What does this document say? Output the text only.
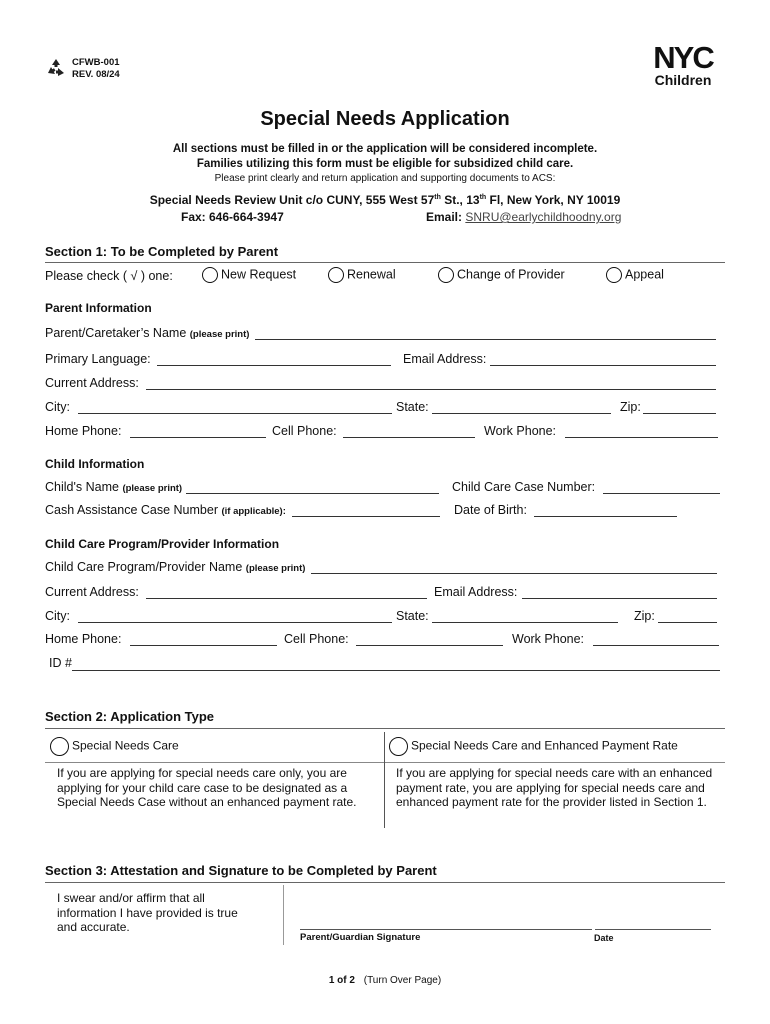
CFWB-001
REV. 08/24	NYC
Children
Special Needs Application
All sections must be filled in or the application will be considered incomplete.
Families utilizing this form must be eligible for subsidized child care.
Please print clearly and return application and supporting documents to ACS:
Special Needs Review Unit c/o CUNY, 555 West 57th St., 13th Fl, New York, NY 10019
Fax: 646-664-3947	Email: SNRU@earlychildhoodny.org
Section 1: To be Completed by Parent
Please check ( √ ) one:	New Request	Renewal	Change of Provider	Appeal
Parent Information
Parent/Caretaker’s Name (please print)
Primary Language:	Email Address:
Current Address:
City:	State:	Zip:
Home Phone:	Cell Phone:	Work Phone:
Child Information
Child's Name (please print)	Child Care Case Number:
Cash Assistance Case Number (if applicable):	Date of Birth:
Child Care Program/Provider Information
Child Care Program/Provider Name (please print)
Current Address:	Email Address:
City:	State:	Zip:
Home Phone:	Cell Phone:	Work Phone:
ID #
Section 2: Application Type
Special Needs Care	Special Needs Care and Enhanced Payment Rate
If you are applying for special needs care only, you are applying for your child care case to be designated as a Special Needs Case without an enhanced payment rate.
If you are applying for special needs care with an enhanced payment rate, you are applying for special needs care and enhanced payment rate for the provider listed in Section 1.
Section 3: Attestation and Signature to be Completed by Parent
I swear and/or affirm that all information I have provided is true and accurate.
Parent/Guardian Signature	Date
1 of 2 (Turn Over Page)
